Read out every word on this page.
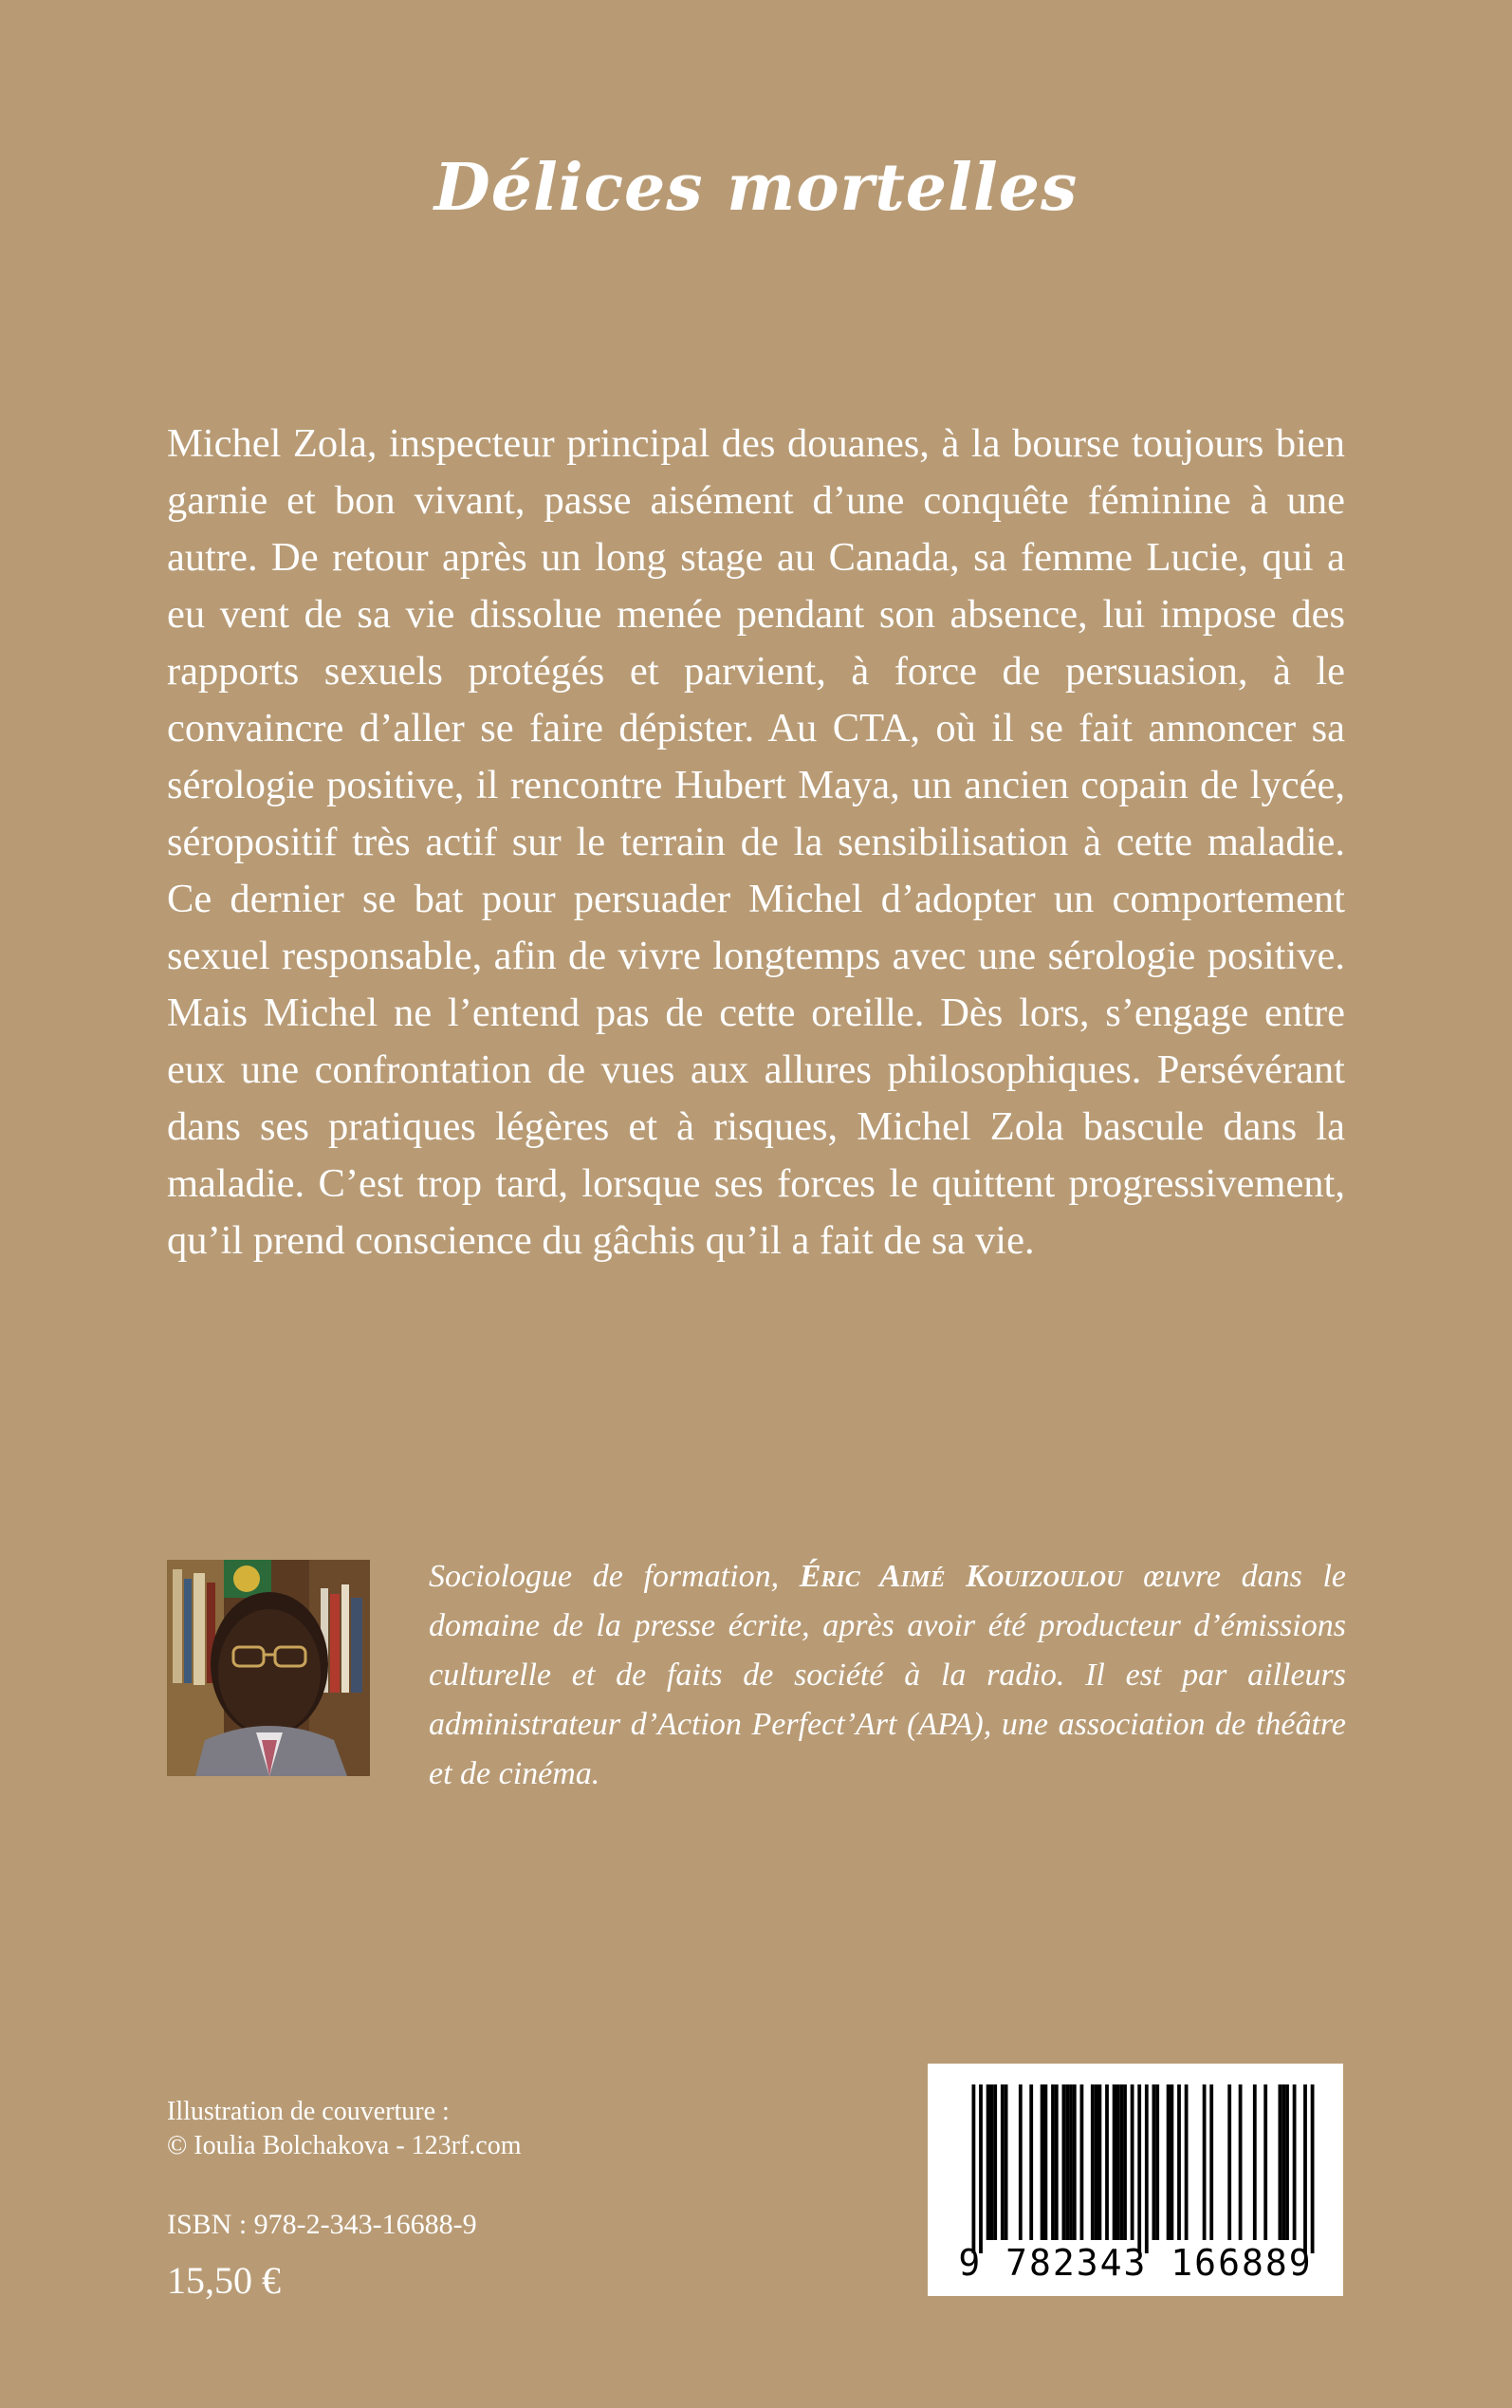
Délices mortelles

Michel Zola, inspecteur principal des douanes, à la bourse toujours bien garnie et bon vivant, passe aisément d’une conquête féminine à une autre. De retour après un long stage au Canada, sa femme Lucie, qui a eu vent de sa vie dissolue menée pendant son absence, lui impose des rapports sexuels protégés et parvient, à force de persuasion, à le convaincre d’aller se faire dépister. Au CTA, où il se fait annoncer sa sérologie positive, il rencontre Hubert Maya, un ancien copain de lycée, séropositif très actif sur le terrain de la sensibilisation à cette maladie. Ce dernier se bat pour persuader Michel d’adopter un comportement sexuel responsable, afin de vivre longtemps avec une sérologie positive. Mais Michel ne l’entend pas de cette oreille. Dès lors, s’engage entre eux une confrontation de vues aux allures philosophiques. Persévérant dans ses pratiques légères et à risques, Michel Zola bascule dans la maladie. C’est trop tard, lorsque ses forces le quittent progressivement, qu’il prend conscience du gâchis qu’il a fait de sa vie.

Sociologue de formation, Éric Aimé Kouizoulou œuvre dans le domaine de la presse écrite, après avoir été producteur d’émissions culturelle et de faits de société à la radio. Il est par ailleurs administrateur d’Action Perfect’Art (APA), une association de théâtre et de cinéma.

Illustration de couverture :
© Ioulia Bolchakova - 123rf.com
ISBN : 978-2-343-16688-9
15,50 €	9 782343 166889
